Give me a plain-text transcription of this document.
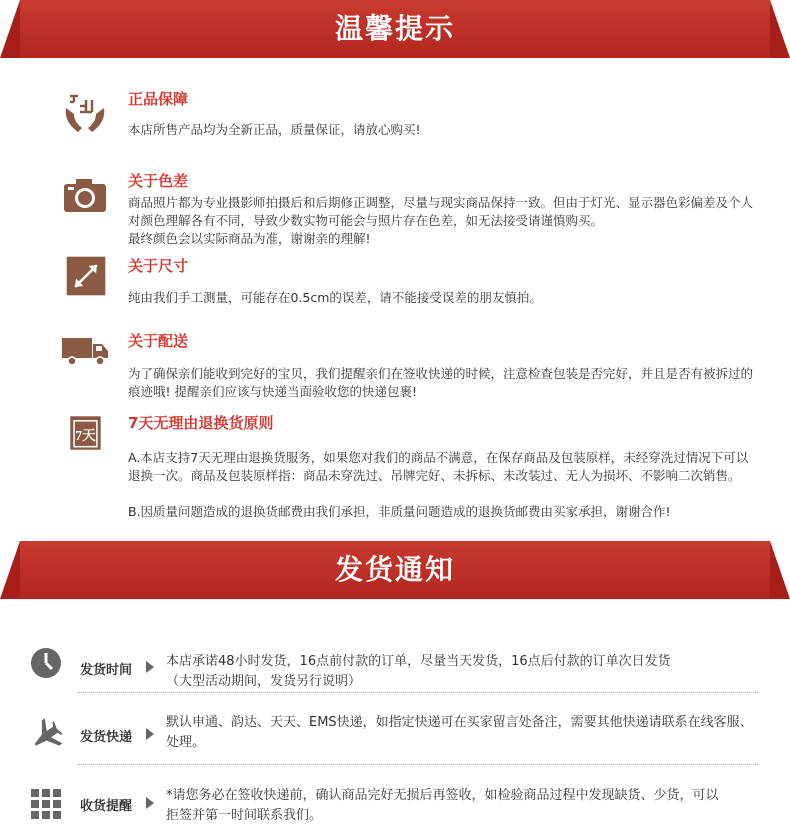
温馨提示
正品保障
本店所售产品均为全新正品，质量保证，请放心购买!
关于色差
商品照片都为专业摄影师拍摄后和后期修正调整，尽量与现实商品保持一致。但由于灯光、显示器色彩偏差及个人
对颜色理解各有不同，导致少数实物可能会与照片存在色差，如无法接受请谨慎购买。
最终颜色会以实际商品为准，谢谢亲的理解!
关于尺寸
纯由我们手工测量，可能存在0.5cm的误差，请不能接受误差的朋友慎拍。
关于配送
为了确保亲们能收到完好的宝贝，我们提醒亲们在签收快递的时候，注意检查包装是否完好，并且是否有被拆过的
痕迹哦! 提醒亲们应该与快递当面验收您的快递包裹!
7天
7天无理由退换货原则
A.本店支持7天无理由退换货服务，如果您对我们的商品不满意，在保存商品及包装原样，未经穿洗过情况下可以
退换一次。商品及包装原样指：商品未穿洗过、吊牌完好、未拆标、未改装过、无人为损坏、不影响二次销售。
B.因质量问题造成的退换货邮费由我们承担，非质量问题造成的退换货邮费由买家承担，谢谢合作!
发货通知
发货时间
本店承诺48小时发货，16点前付款的订单，尽量当天发货，16点后付款的订单次日发货
（大型活动期间，发货另行说明）
发货快递
默认申通、韵达、天天、EMS快递，如指定快递可在买家留言处备注，需要其他快递请联系在线客服、
处理。
收货提醒
*请您务必在签收快递前，确认商品完好无损后再签收，如检验商品过程中发现缺货、少货，可以
拒签并第一时间联系我们。
